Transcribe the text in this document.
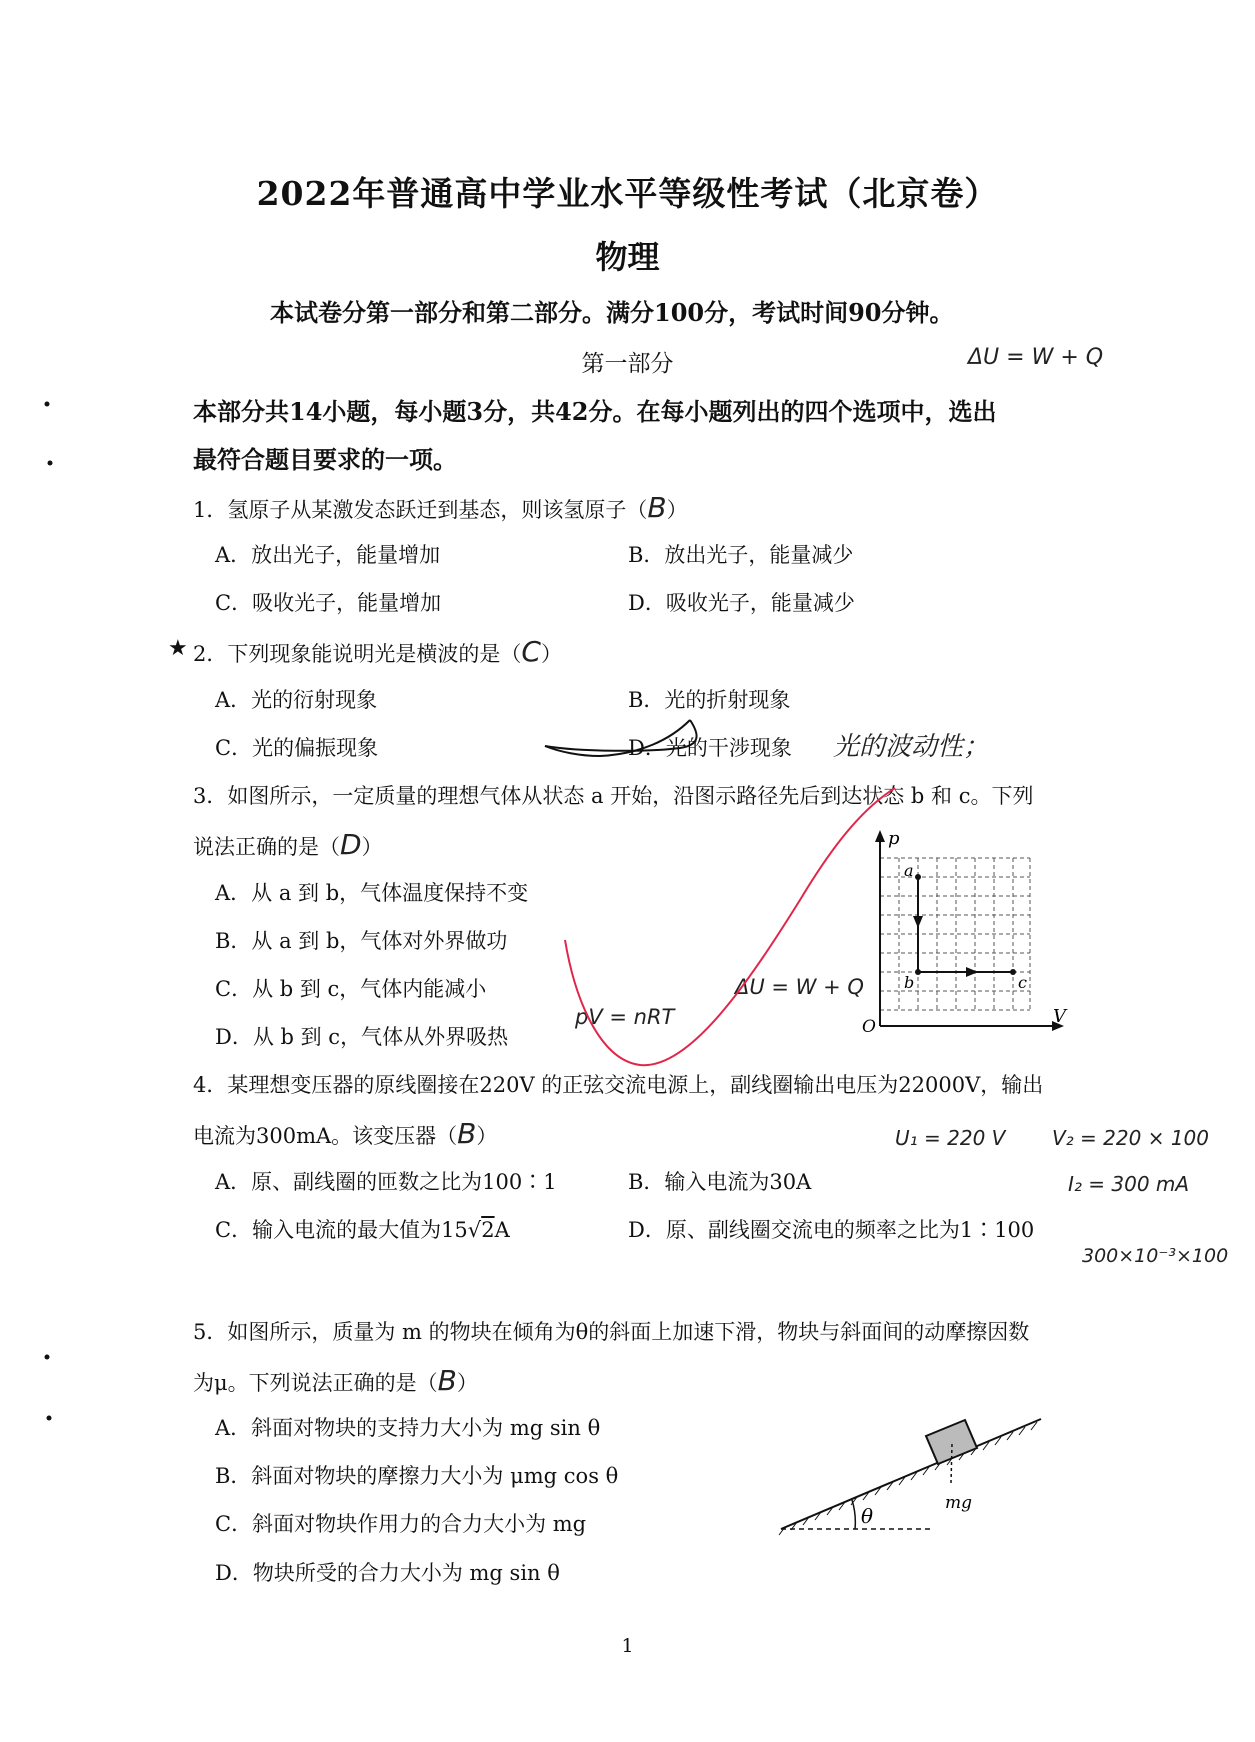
2022年普通高中学业水平等级性考试（北京卷）
物理
本试卷分第一部分和第二部分。满分100分，考试时间90分钟。
第一部分
本部分共14小题，每小题3分，共42分。在每小题列出的四个选项中，选出
最符合题目要求的一项。
1．氢原子从某激发态跃迁到基态，则该氢原子（B）
A．放出光子，能量增加	B．放出光子，能量减少
C．吸收光子，能量增加	D．吸收光子，能量减少
2．下列现象能说明光是横波的是（C）
A．光的衍射现象	B．光的折射现象
C．光的偏振现象	D．光的干涉现象 光的波动性；
3．如图所示，一定质量的理想气体从状态 a 开始，沿图示路径先后到达状态 b 和 c。下列
说法正确的是（D）
A．从 a 到 b，气体温度保持不变
B．从 a 到 b，气体对外界做功
C．从 b 到 c，气体内能减小
D．从 b 到 c，气体从外界吸热
pV = nRT
ΔU = W + Q
ΔU = W + Q
p
V
O
a
b	c
4．某理想变压器的原线圈接在220V 的正弦交流电源上，副线圈输出电压为22000V，输出
电流为300mA。该变压器（B）
A．原、副线圈的匝数之比为100∶1	B．输入电流为30A
C．输入电流的最大值为15√2A	D．原、副线圈交流电的频率之比为1∶100
U₁ = 220 V V₂ = 220 × 100
I₂ = 300 mA
300×10⁻³×100
5．如图所示，质量为 m 的物块在倾角为θ的斜面上加速下滑，物块与斜面间的动摩擦因数
为μ。下列说法正确的是（B）
A．斜面对物块的支持力大小为 mg sin θ
B．斜面对物块的摩擦力大小为 μmg cos θ
C．斜面对物块作用力的合力大小为 mg
D．物块所受的合力大小为 mg sin θ
θ
mg
★
1
